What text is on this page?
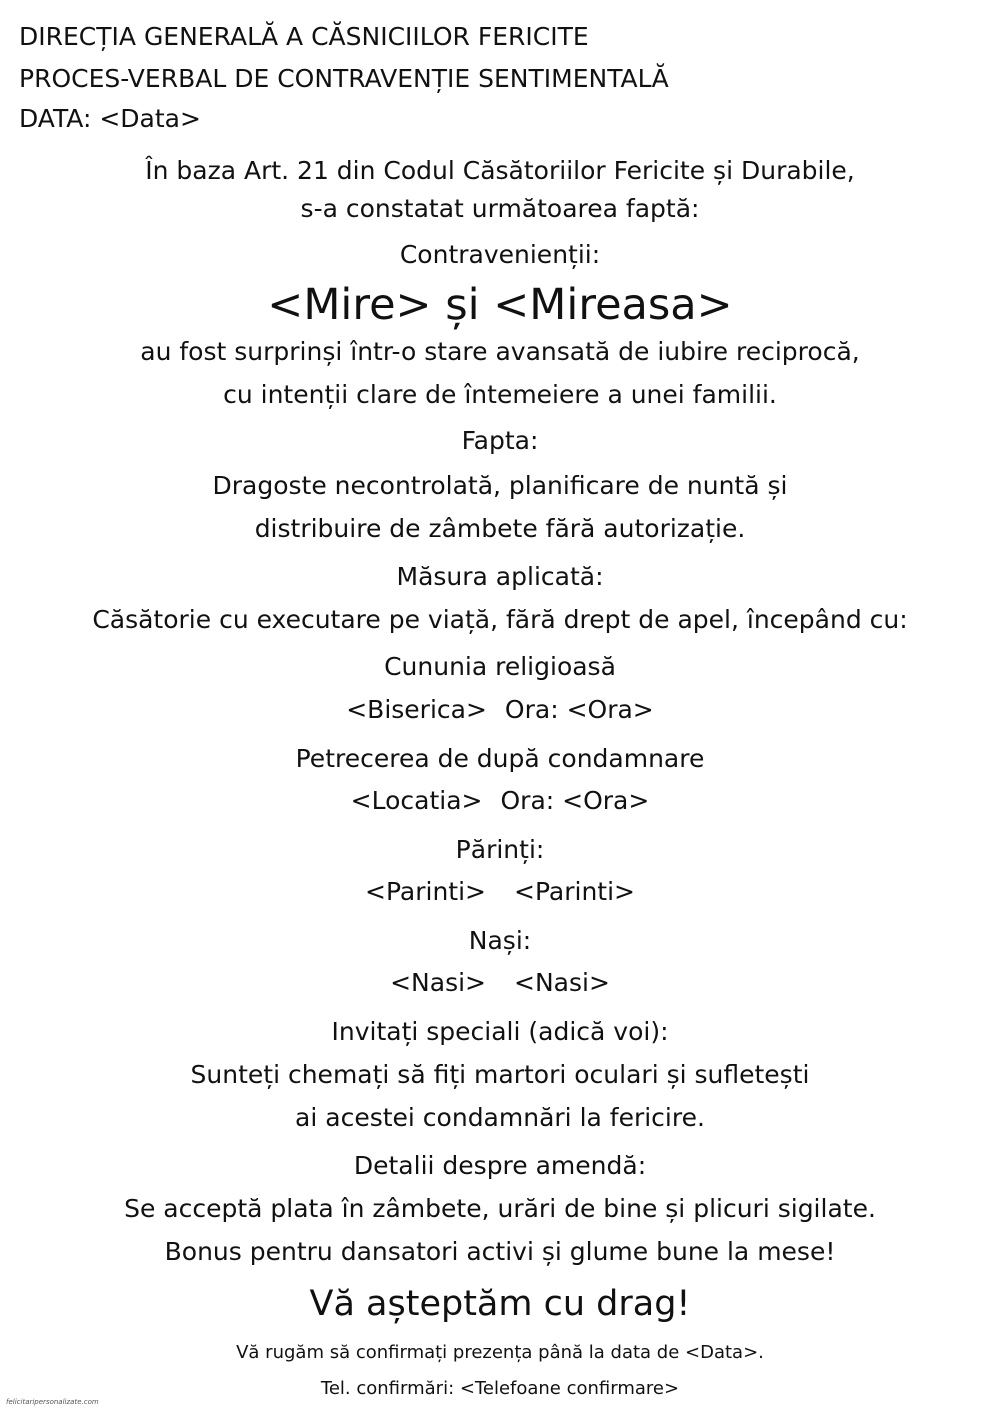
DIRECȚIA GENERALĂ A CĂSNICIILOR FERICITE
PROCES-VERBAL DE CONTRAVENȚIE SENTIMENTALĂ
DATA: <Data>
În baza Art. 21 din Codul Căsătoriilor Fericite și Durabile,
s-a constatat următoarea faptă:
Contravenienții:
<Mire> și <Mireasa>
au fost surprinși într-o stare avansată de iubire reciprocă,
cu intenții clare de întemeiere a unei familii.
Fapta:
Dragoste necontrolată, planificare de nuntă și
distribuire de zâmbete fără autorizație.
Măsura aplicată:
Căsătorie cu executare pe viață, fără drept de apel, începând cu:
Cununia religioasă
<Biserica> Ora: <Ora>
Petrecerea de după condamnare
<Locatia> Ora: <Ora>
Părinți:
<Parinti> <Parinti>
Nași:
<Nasi> <Nasi>
Invitați speciali (adică voi):
Sunteți chemați să fiți martori oculari și sufletești
ai acestei condamnări la fericire.
Detalii despre amendă:
Se acceptă plata în zâmbete, urări de bine și plicuri sigilate.
Bonus pentru dansatori activi și glume bune la mese!
Vă așteptăm cu drag!
Vă rugăm să confirmați prezența până la data de <Data>.
Tel. confirmări: <Telefoane confirmare>
felicitaripersonalizate.com
